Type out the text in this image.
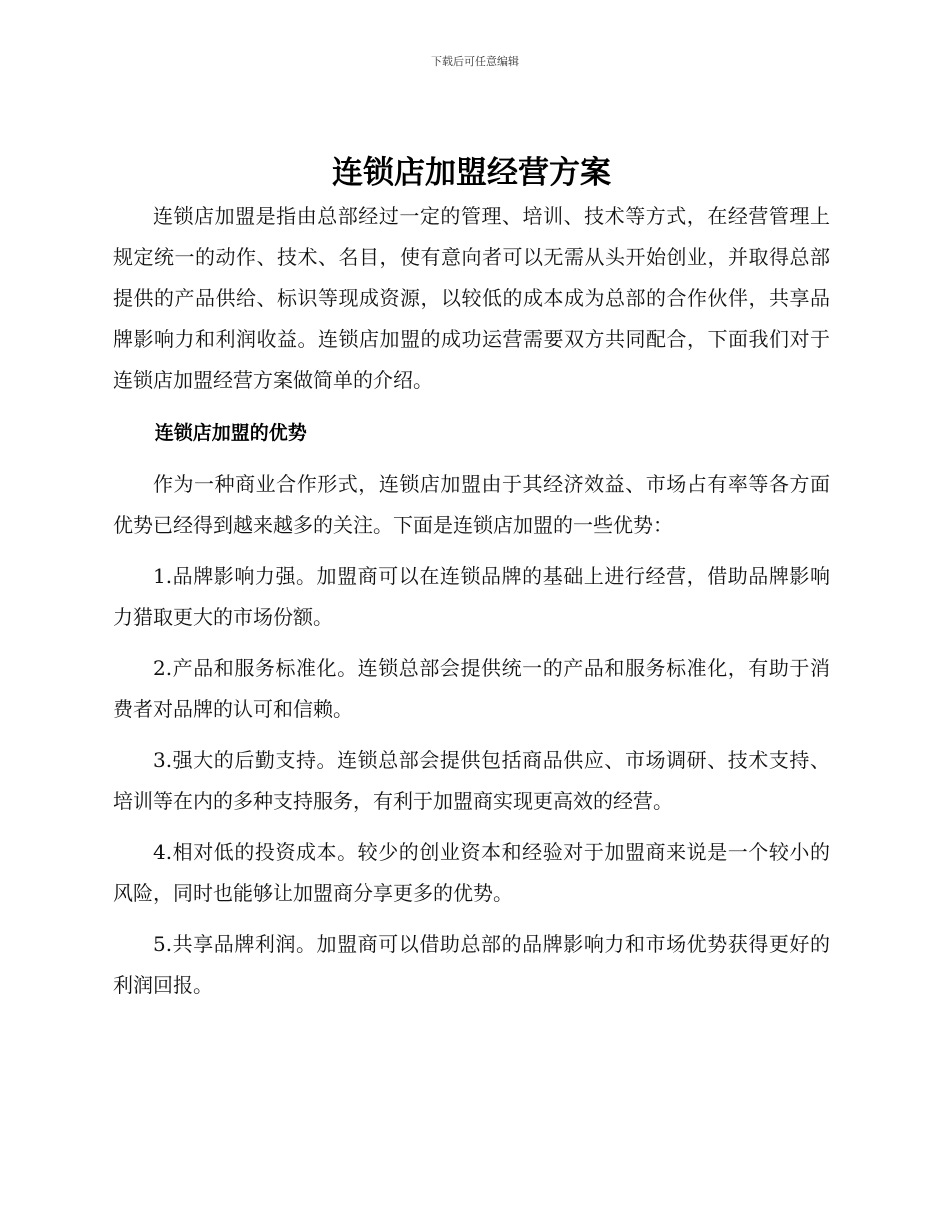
下载后可任意编辑
连锁店加盟经营方案

连锁店加盟是指由总部经过一定的管理、培训、技术等方式，在经营管理上规定统一的动作、技术、名目，使有意向者可以无需从头开始创业，并取得总部提供的产品供给、标识等现成资源，以较低的成本成为总部的合作伙伴，共享品牌影响力和利润收益。连锁店加盟的成功运营需要双方共同配合，下面我们对于连锁店加盟经营方案做简单的介绍。

连锁店加盟的优势

作为一种商业合作形式，连锁店加盟由于其经济效益、市场占有率等各方面优势已经得到越来越多的关注。下面是连锁店加盟的一些优势：

1.品牌影响力强。加盟商可以在连锁品牌的基础上进行经营，借助品牌影响力猎取更大的市场份额。

2.产品和服务标准化。连锁总部会提供统一的产品和服务标准化，有助于消费者对品牌的认可和信赖。

3.强大的后勤支持。连锁总部会提供包括商品供应、市场调研、技术支持、培训等在内的多种支持服务，有利于加盟商实现更高效的经营。

4.相对低的投资成本。较少的创业资本和经验对于加盟商来说是一个较小的风险，同时也能够让加盟商分享更多的优势。

5.共享品牌利润。加盟商可以借助总部的品牌影响力和市场优势获得更好的利润回报。
